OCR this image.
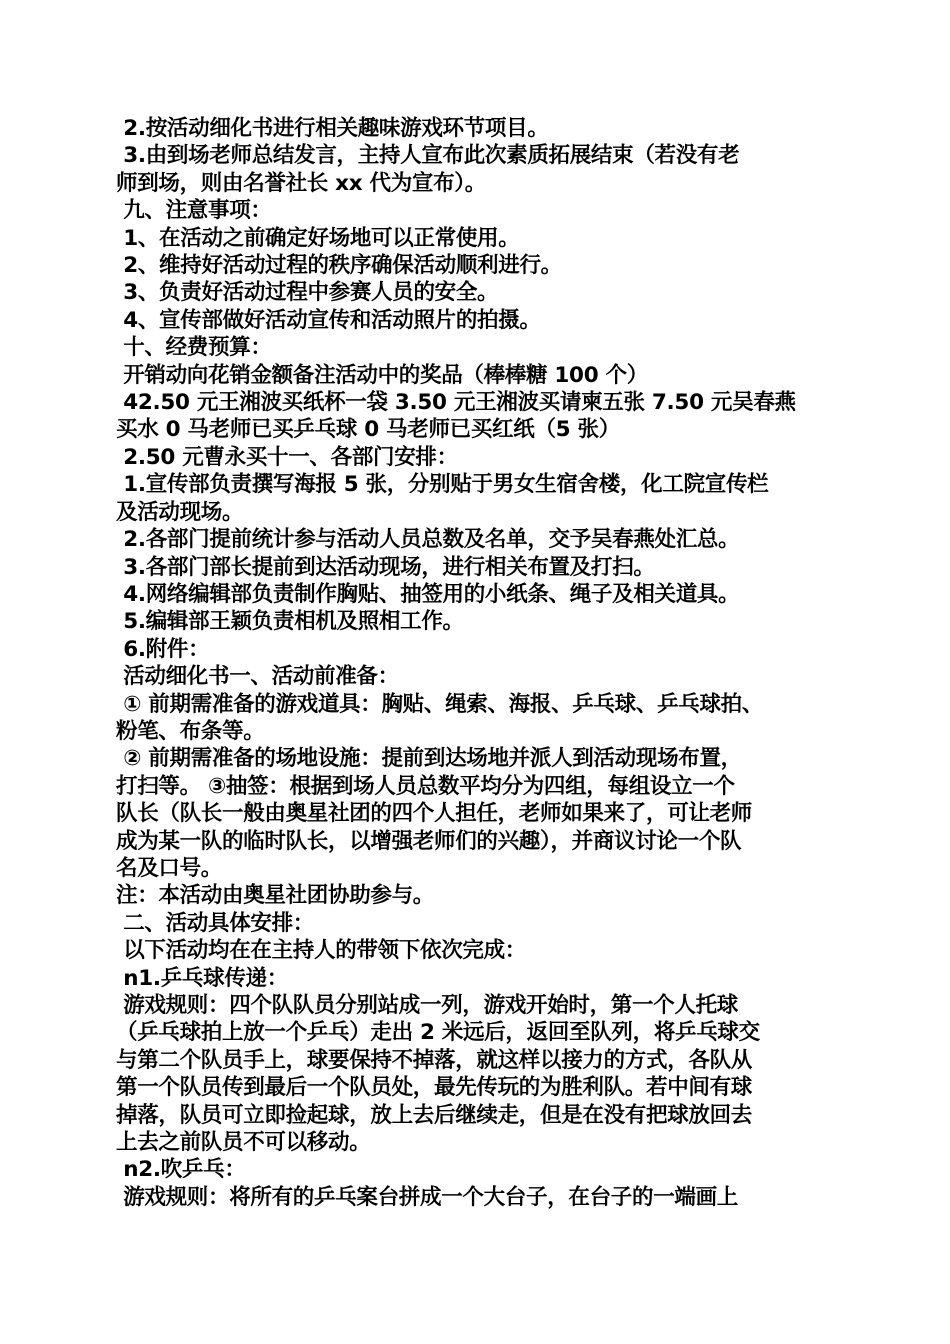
2.按活动细化书进行相关趣味游戏环节项目。

3.由到场老师总结发言，主持人宣布此次素质拓展结束（若没有老

师到场，则由名誉社长 xx 代为宣布）。

九、注意事项：

1、在活动之前确定好场地可以正常使用。

2、维持好活动过程的秩序确保活动顺利进行。

3、负责好活动过程中参赛人员的安全。

4、宣传部做好活动宣传和活动照片的拍摄。

十、经费预算：

开销动向花销金额备注活动中的奖品（棒棒糖 100 个）

42.50 元王湘波买纸杯一袋 3.50 元王湘波买请柬五张 7.50 元吴春燕

买水 0 马老师已买乒乓球 0 马老师已买红纸（5 张）

2.50 元曹永买十一、各部门安排：

1.宣传部负责撰写海报 5 张，分别贴于男女生宿舍楼，化工院宣传栏

及活动现场。

2.各部门提前统计参与活动人员总数及名单，交予吴春燕处汇总。

3.各部门部长提前到达活动现场，进行相关布置及打扫。

4.网络编辑部负责制作胸贴、抽签用的小纸条、绳子及相关道具。

5.编辑部王颖负责相机及照相工作。

6.附件：

活动细化书一、活动前准备：

① 前期需准备的游戏道具：胸贴、绳索、海报、乒乓球、乒乓球拍、

粉笔、布条等。

② 前期需准备的场地设施：提前到达场地并派人到活动现场布置，

打扫等。 ③抽签：根据到场人员总数平均分为四组，每组设立一个

队长（队长一般由奥星社团的四个人担任，老师如果来了，可让老师

成为某一队的临时队长，以增强老师们的兴趣），并商议讨论一个队

名及口号。

注：本活动由奥星社团协助参与。

二、活动具体安排：

以下活动均在在主持人的带领下依次完成：

n1.乒乓球传递：

游戏规则：四个队队员分别站成一列，游戏开始时，第一个人托球

（乒乓球拍上放一个乒乓）走出 2 米远后，返回至队列，将乒乓球交

与第二个队员手上，球要保持不掉落，就这样以接力的方式，各队从

第一个队员传到最后一个队员处，最先传玩的为胜利队。若中间有球

掉落，队员可立即捡起球，放上去后继续走，但是在没有把球放回去

上去之前队员不可以移动。

n2.吹乒乓：

游戏规则：将所有的乒乓案台拼成一个大台子，在台子的一端画上
